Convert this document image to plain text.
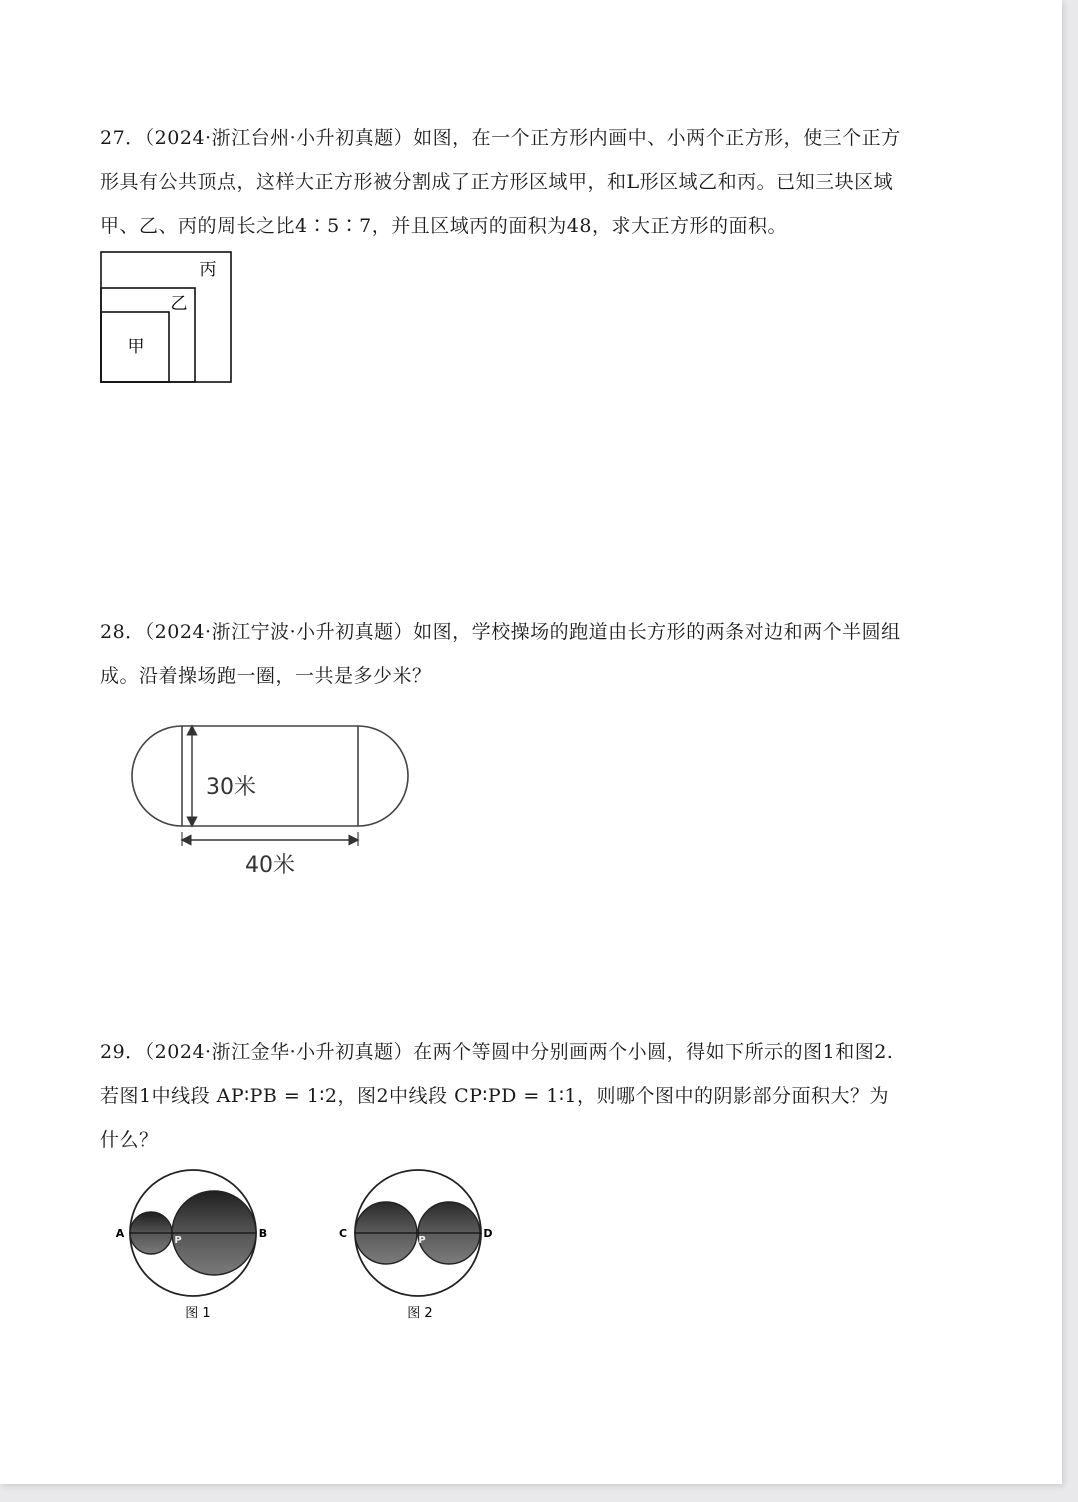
27．（2024·浙江台州·小升初真题）如图，在一个正方形内画中、小两个正方形，使三个正方

形具有公共顶点，这样大正方形被分割成了正方形区域甲，和L形区域乙和丙。已知三块区域

甲、乙、丙的周长之比4∶5∶7，并且区域丙的面积为48，求大正方形的面积。

丙
乙
甲

28．（2024·浙江宁波·小升初真题）如图，学校操场的跑道由长方形的两条对边和两个半圆组

成。沿着操场跑一圈，一共是多少米？

30米
40米

29．（2024·浙江金华·小升初真题）在两个等圆中分别画两个小圆，得如下所示的图1和图2.

若图1中线段 AP∶PB = 1∶2，图2中线段 CP∶PD = 1∶1，则哪个图中的阴影部分面积大？为

什么？

A
P
B
图 1
C
P
D
图 2
